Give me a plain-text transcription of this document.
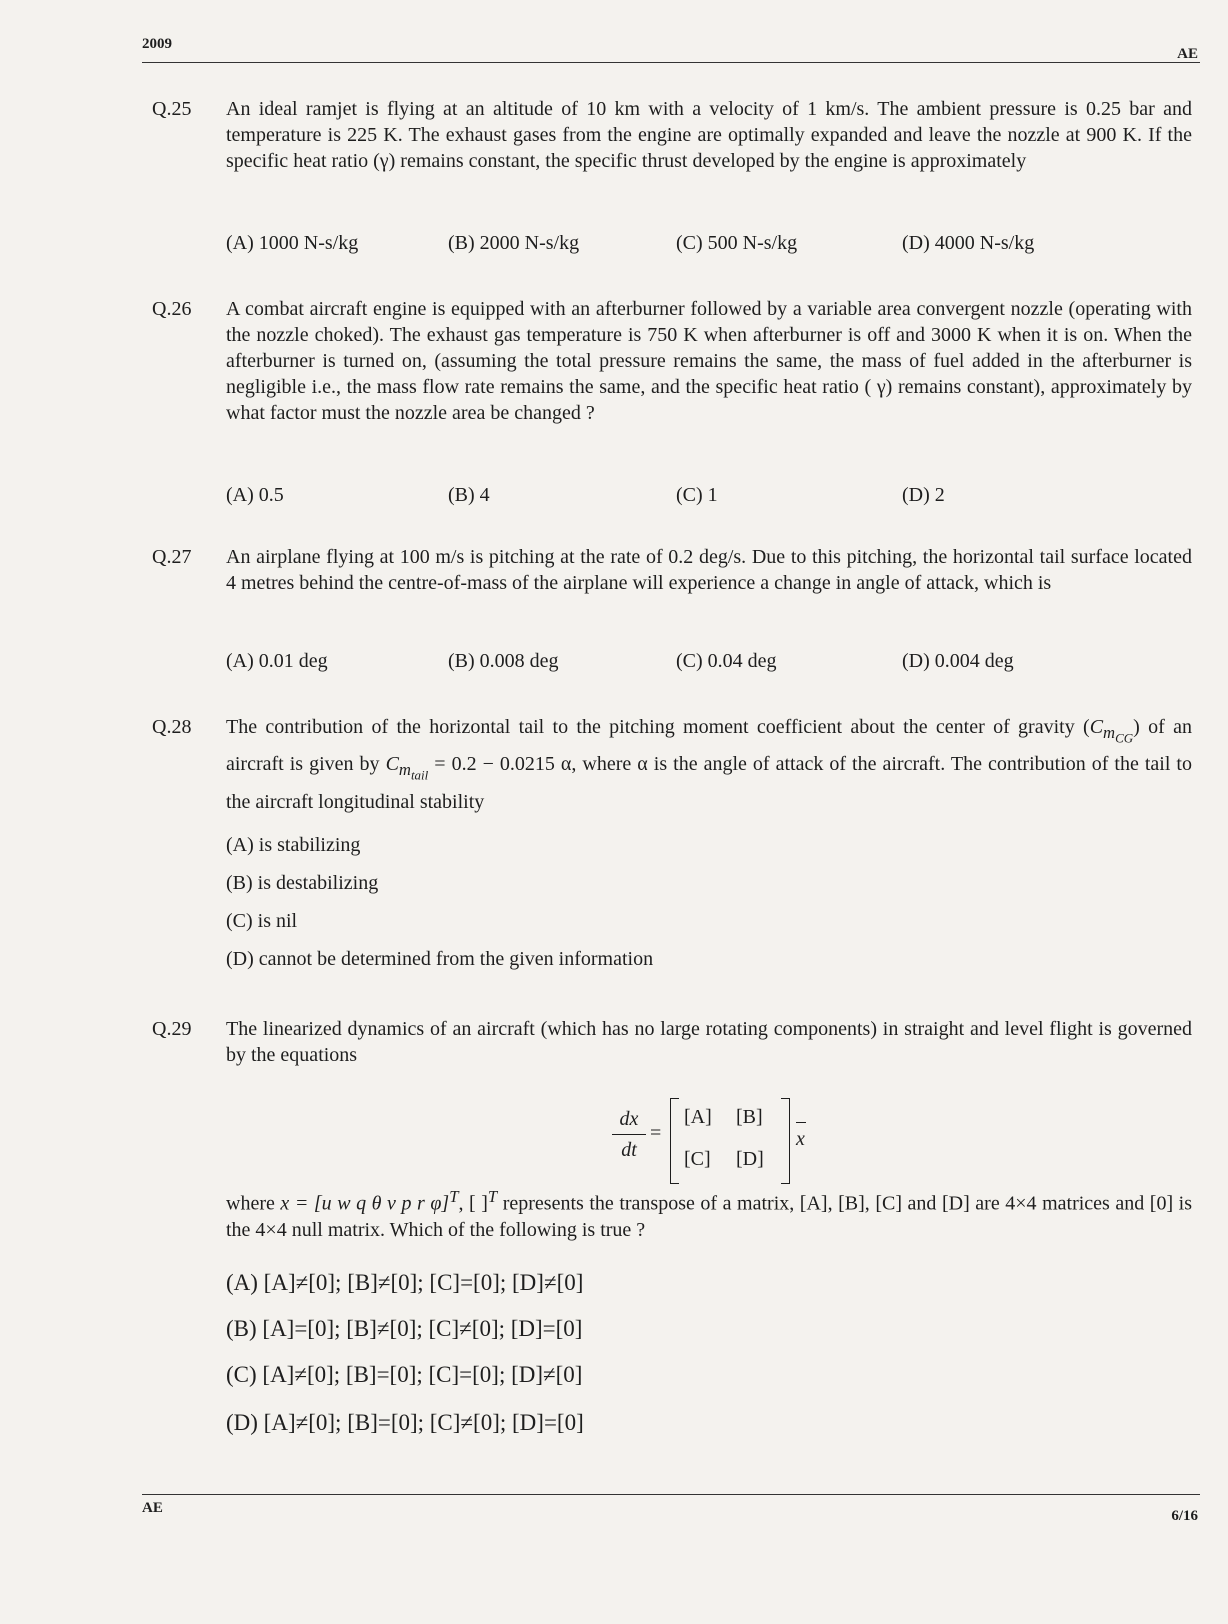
2009
AE
Q.25	An ideal ramjet is flying at an altitude of 10 km with a velocity of 1 km/s. The ambient pressure is 0.25 bar and temperature is 225 K. The exhaust gases from the engine are optimally expanded and leave the nozzle at 900 K. If the specific heat ratio (γ) remains constant, the specific thrust developed by the engine is approximately
(A) 1000 N-s/kg	(B) 2000 N-s/kg	(C) 500 N-s/kg	(D) 4000 N-s/kg
Q.26	A combat aircraft engine is equipped with an afterburner followed by a variable area convergent nozzle (operating with the nozzle choked). The exhaust gas temperature is 750 K when afterburner is off and 3000 K when it is on. When the afterburner is turned on, (assuming the total pressure remains the same, the mass of fuel added in the afterburner is negligible i.e., the mass flow rate remains the same, and the specific heat ratio ( γ) remains constant), approximately by what factor must the nozzle area be changed ?
(A) 0.5	(B) 4	(C) 1	(D) 2
Q.27	An airplane flying at 100 m/s is pitching at the rate of 0.2 deg/s. Due to this pitching, the horizontal tail surface located 4 metres behind the centre-of-mass of the airplane will experience a change in angle of attack, which is
(A) 0.01 deg	(B) 0.008 deg	(C) 0.04 deg	(D) 0.004 deg
Q.28	The contribution of the horizontal tail to the pitching moment coefficient about the center of gravity $(C_{m_{CG}})$ of an aircraft is given by $C_{m_{tail}} = 0.2 - 0.0215$ α, where α is the angle of attack of the aircraft. The contribution of the tail to the aircraft longitudinal stability
(A) is stabilizing
(B) is destabilizing
(C) is nil
(D) cannot be determined from the given information
Q.29	The linearized dynamics of an aircraft (which has no large rotating components) in straight and level flight is governed by the equations
$\frac{dx}{dt}$ =
[A] [B]
[C] [D]
x
where x = [u w q θ v p r φ]$^T$, [ ]$^T$ represents the transpose of a matrix, [A], [B], [C] and [D] are 4×4 matrices and [0] is the 4×4 null matrix. Which of the following is true ?
(A) [A]≠[0]; [B]≠[0]; [C]=[0]; [D]≠[0]
(B) [A]=[0]; [B]≠[0]; [C]≠[0]; [D]=[0]
(C) [A]≠[0]; [B]=[0]; [C]=[0]; [D]≠[0]
(D) [A]≠[0]; [B]=[0]; [C]≠[0]; [D]=[0]
AE	6/16
